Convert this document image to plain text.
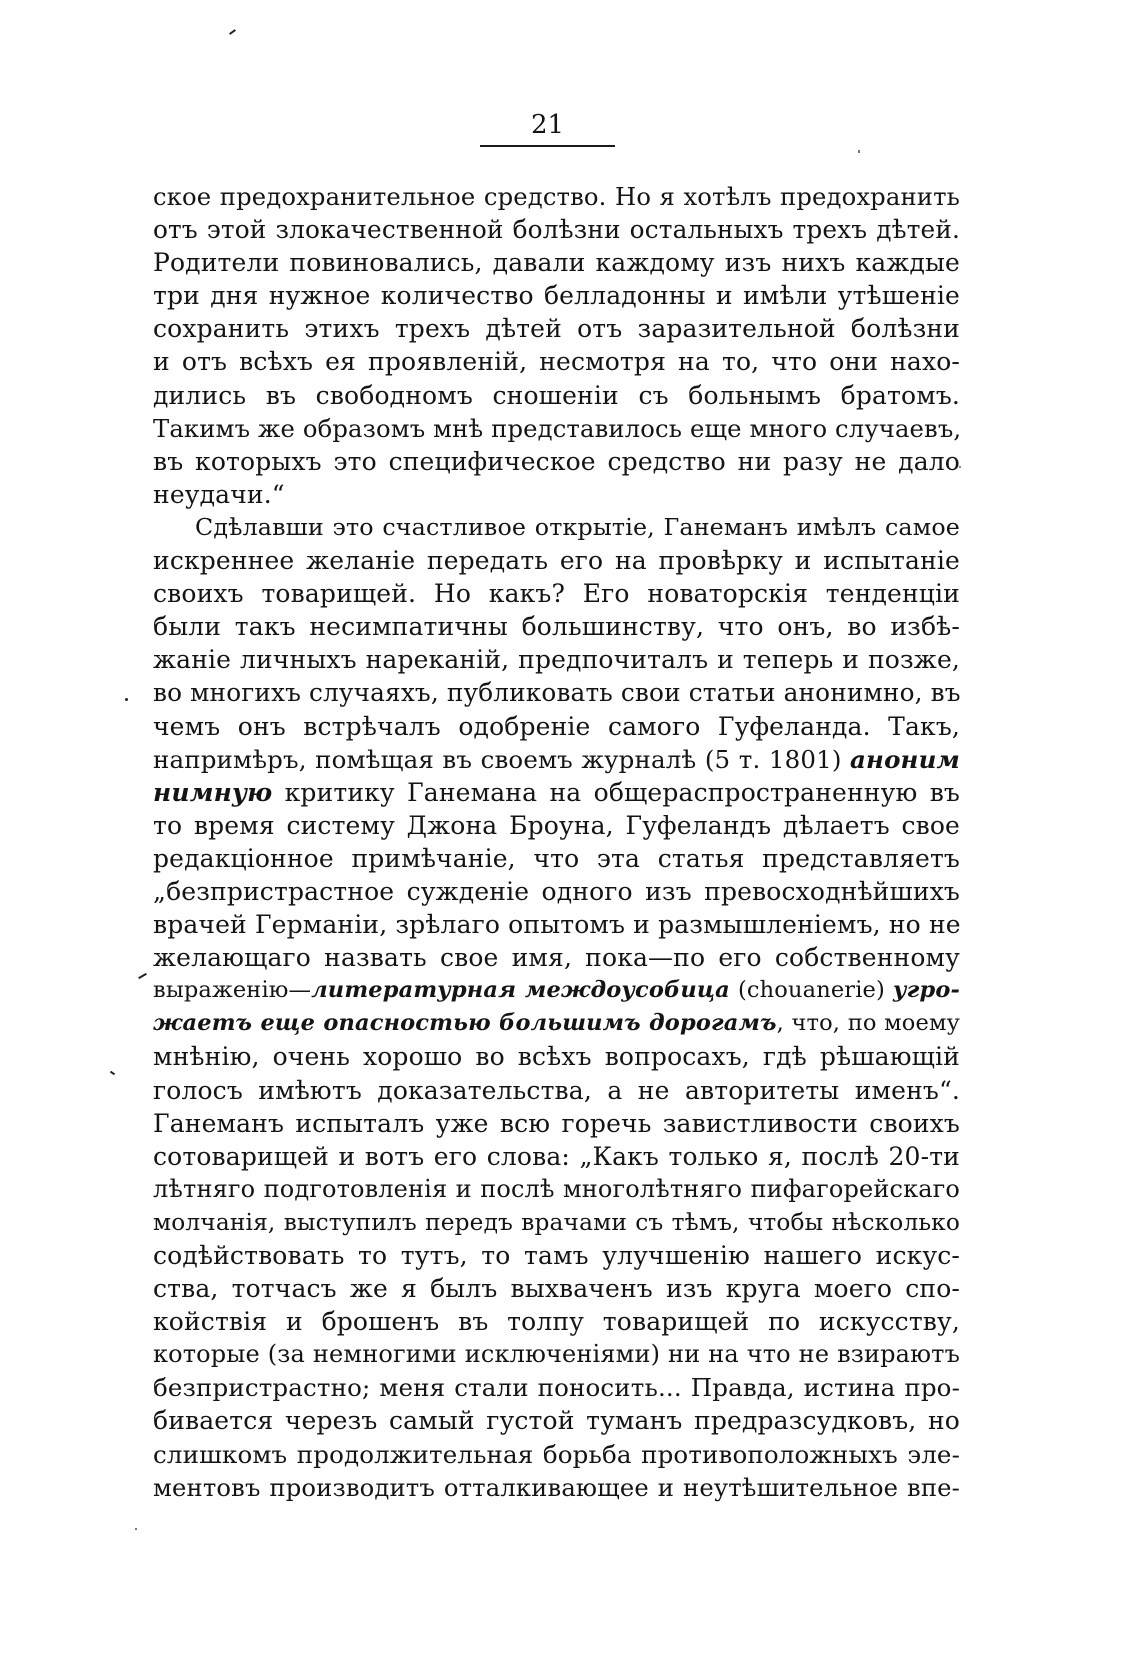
21
ское предохранительное средство. Но я хотѣлъ предохранить
отъ этой злокачественной болѣзни остальныхъ трехъ дѣтей.
Родители повиновались, давали каждому изъ нихъ каждые
три дня нужное количество белладонны и имѣли утѣшеніе
сохранить этихъ трехъ дѣтей отъ заразительной болѣзни
и отъ всѣхъ ея проявленій, несмотря на то, что они нахо-
дились въ свободномъ сношеніи съ больнымъ братомъ.
Такимъ же образомъ мнѣ представилось еще много случаевъ,
въ которыхъ это специфическое средство ни разу не дало
неудачи.“
Сдѣлавши это счастливое открытіе, Ганеманъ имѣлъ самое
искреннее желаніе передать его на провѣрку и испытаніе
своихъ товарищей. Но какъ? Его новаторскія тенденціи
были такъ несимпатичны большинству, что онъ, во избѣ-
жаніе личныхъ нареканій, предпочиталъ и теперь и позже,
во многихъ случаяхъ, публиковать свои статьи анонимно, въ
чемъ онъ встрѣчалъ одобреніе самого Гуфеланда. Такъ,
напримѣръ, помѣщая въ своемъ журналѣ (5 т. 1801) аноним
нимную критику Ганемана на общераспространенную въ
то время систему Джона Броуна, Гуфеландъ дѣлаетъ свое
редакціонное примѣчаніе, что эта статья представляетъ
„безпристрастное сужденіе одного изъ превосходнѣйшихъ
врачей Германіи, зрѣлаго опытомъ и размышленіемъ, но не
желающаго назвать свое имя, пока—по его собственному
выраженію—литературная междоусобица (chouanerie) угро-
жаетъ еще опасностью большимъ дорогамъ, что, по моему
мнѣнію, очень хорошо во всѣхъ вопросахъ, гдѣ рѣшающій
голосъ имѣютъ доказательства, а не авторитеты именъ“.
Ганеманъ испыталъ уже всю горечь завистливости своихъ
сотоварищей и вотъ его слова: „Какъ только я, послѣ 20-ти
лѣтняго подготовленія и послѣ многолѣтняго пифагорейскаго
молчанія, выступилъ передъ врачами съ тѣмъ, чтобы нѣсколько
содѣйствовать то тутъ, то тамъ улучшенію нашего искус-
ства, тотчасъ же я былъ выхваченъ изъ круга моего спо-
койствія и брошенъ въ толпу товарищей по искусству,
которые (за немногими исключеніями) ни на что не взираютъ
безпристрастно; меня стали поносить... Правда, истина про-
бивается черезъ самый густой туманъ предразсудковъ, но
слишкомъ продолжительная борьба противоположныхъ эле-
ментовъ производитъ отталкивающее и неутѣшительное впе-
